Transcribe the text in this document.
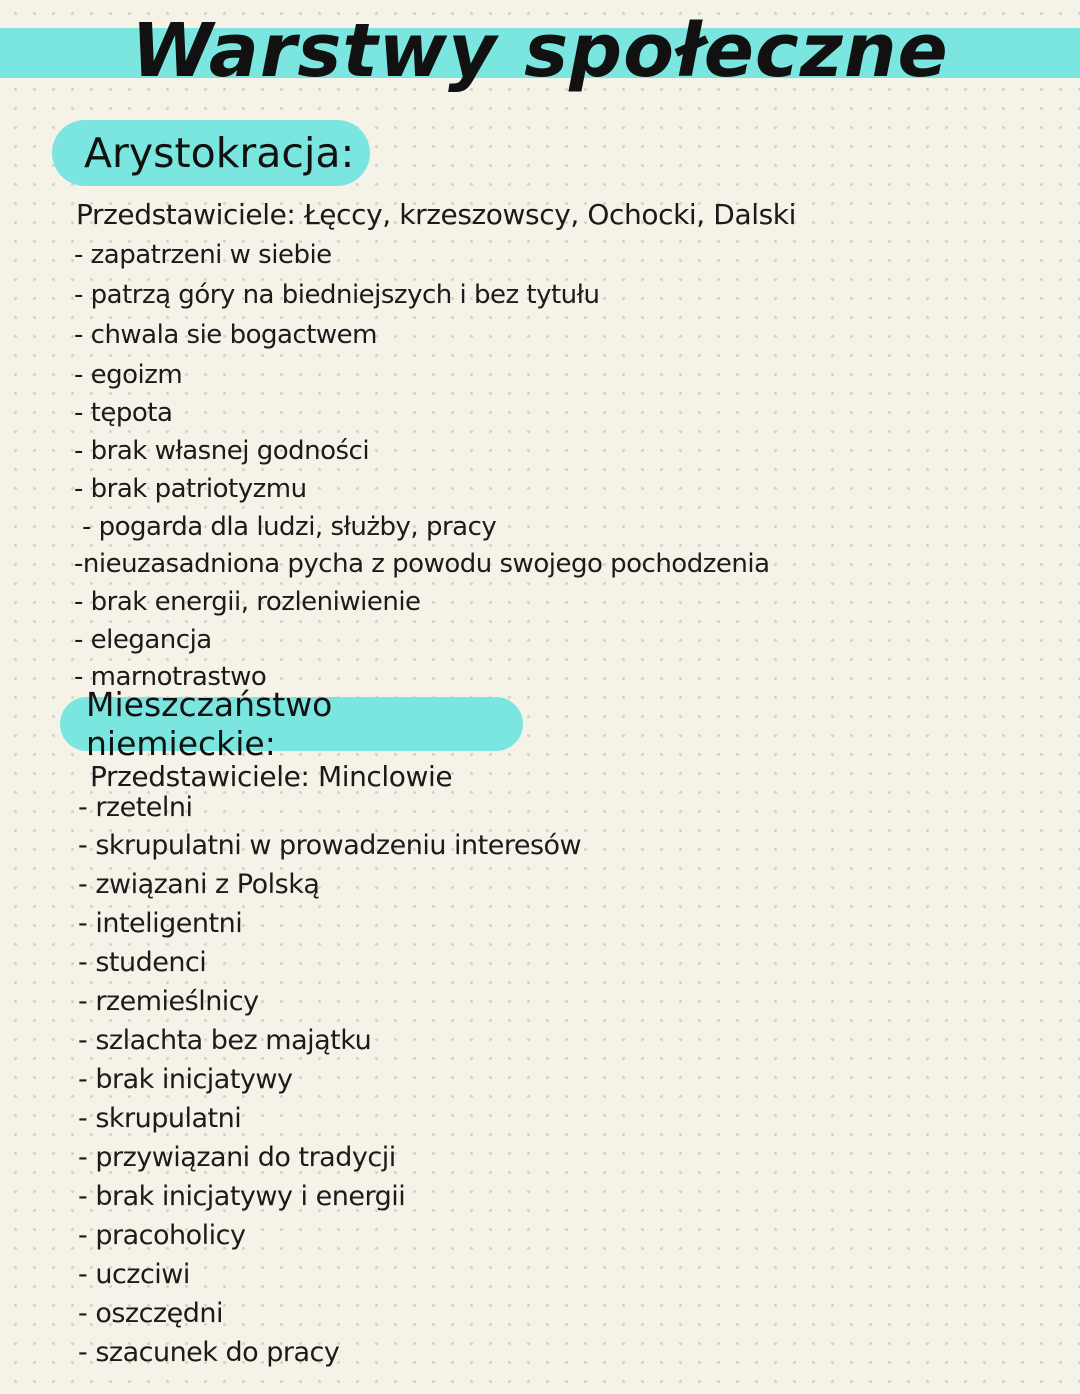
Warstwy społeczne
Arystokracja:
Przedstawiciele: Łęccy, krzeszowscy, Ochocki, Dalski
- zapatrzeni w siebie
- patrzą góry na biedniejszych i bez tytułu
- chwala sie bogactwem
- egoizm
- tępota
- brak własnej godności
- brak patriotyzmu
- pogarda dla ludzi, służby, pracy
-nieuzasadniona pycha z powodu swojego pochodzenia
- brak energii, rozleniwienie
- elegancja
- marnotrastwo
Mieszczaństwo niemieckie:
Przedstawiciele: Minclowie
- rzetelni
- skrupulatni w prowadzeniu interesów
- związani z Polską
- inteligentni
- studenci
- rzemieślnicy
- szlachta bez majątku
- brak inicjatywy
- skrupulatni
- przywiązani do tradycji
- brak inicjatywy i energii
- pracoholicy
- uczciwi
- oszczędni
- szacunek do pracy
